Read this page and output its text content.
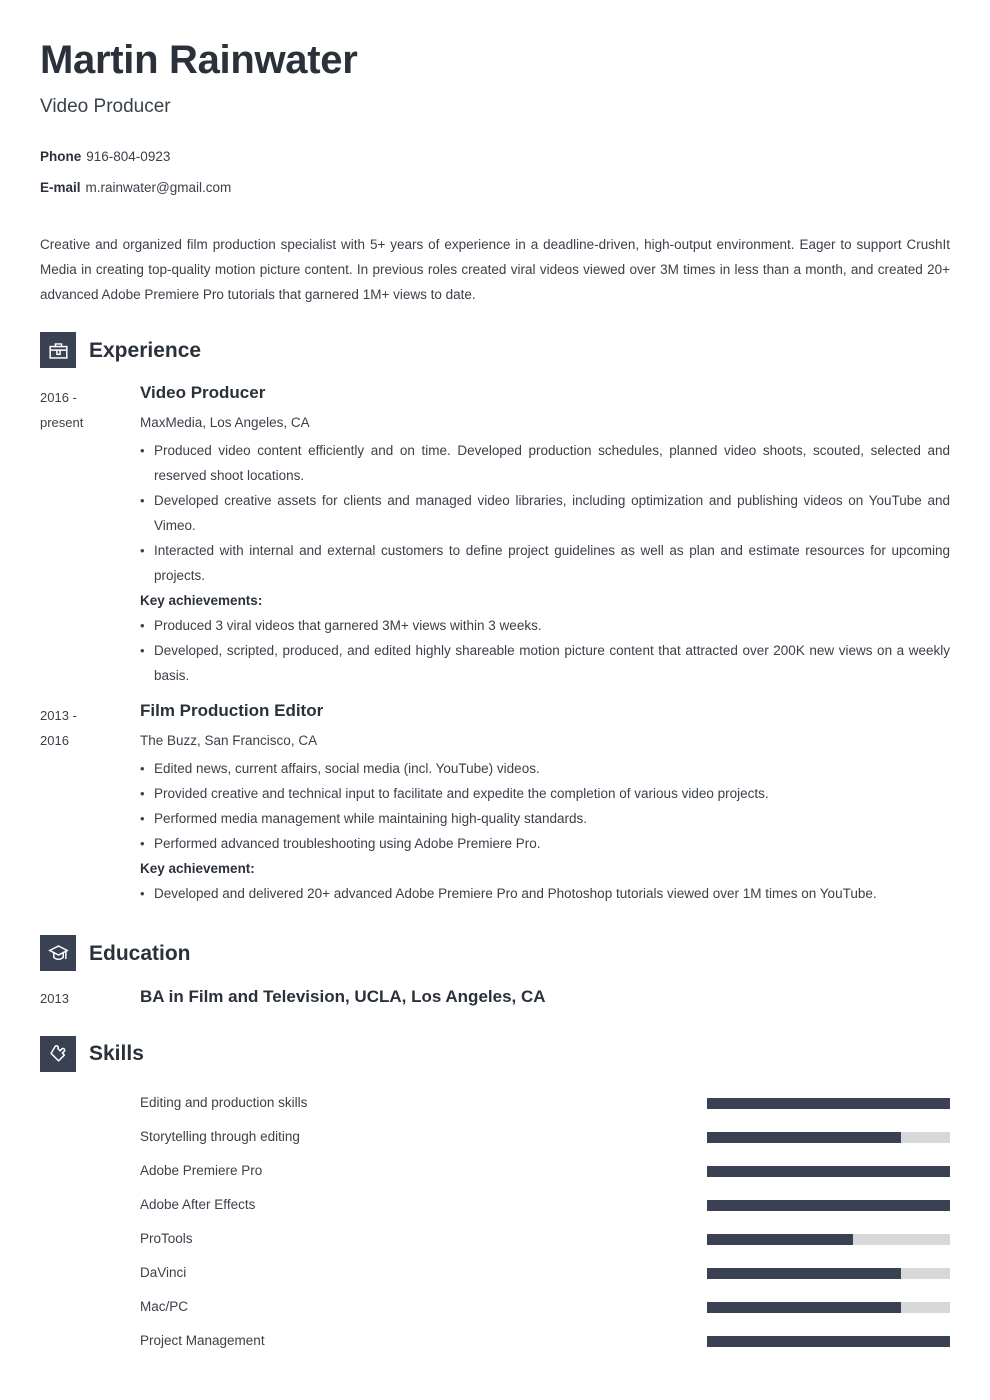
Martin Rainwater
Video Producer
Phone 916-804-0923
E-mail m.rainwater@gmail.com
Creative and organized film production specialist with 5+ years of experience in a deadline-driven, high-output environment. Eager to support CrushIt Media in creating top-quality motion picture content. In previous roles created viral videos viewed over 3M times in less than a month, and created 20+ advanced Adobe Premiere Pro tutorials that garnered 1M+ views to date.
Experience
2016 -
present
Video Producer
MaxMedia, Los Angeles, CA
• Produced video content efficiently and on time. Developed production schedules, planned video shoots, scouted, selected and reserved shoot locations.
• Developed creative assets for clients and managed video libraries, including optimization and publishing videos on YouTube and Vimeo.
• Interacted with internal and external customers to define project guidelines as well as plan and estimate resources for upcoming projects.
Key achievements:
• Produced 3 viral videos that garnered 3M+ views within 3 weeks.
• Developed, scripted, produced, and edited highly shareable motion picture content that attracted over 200K new views on a weekly basis.
2013 -
2016
Film Production Editor
The Buzz, San Francisco, CA
• Edited news, current affairs, social media (incl. YouTube) videos.
• Provided creative and technical input to facilitate and expedite the completion of various video projects.
• Performed media management while maintaining high-quality standards.
• Performed advanced troubleshooting using Adobe Premiere Pro.
Key achievement:
• Developed and delivered 20+ advanced Adobe Premiere Pro and Photoshop tutorials viewed over 1M times on YouTube.
Education
2013	BA in Film and Television, UCLA, Los Angeles, CA
Skills
Editing and production skills
Storytelling through editing
Adobe Premiere Pro
Adobe After Effects
ProTools
DaVinci
Mac/PC
Project Management
